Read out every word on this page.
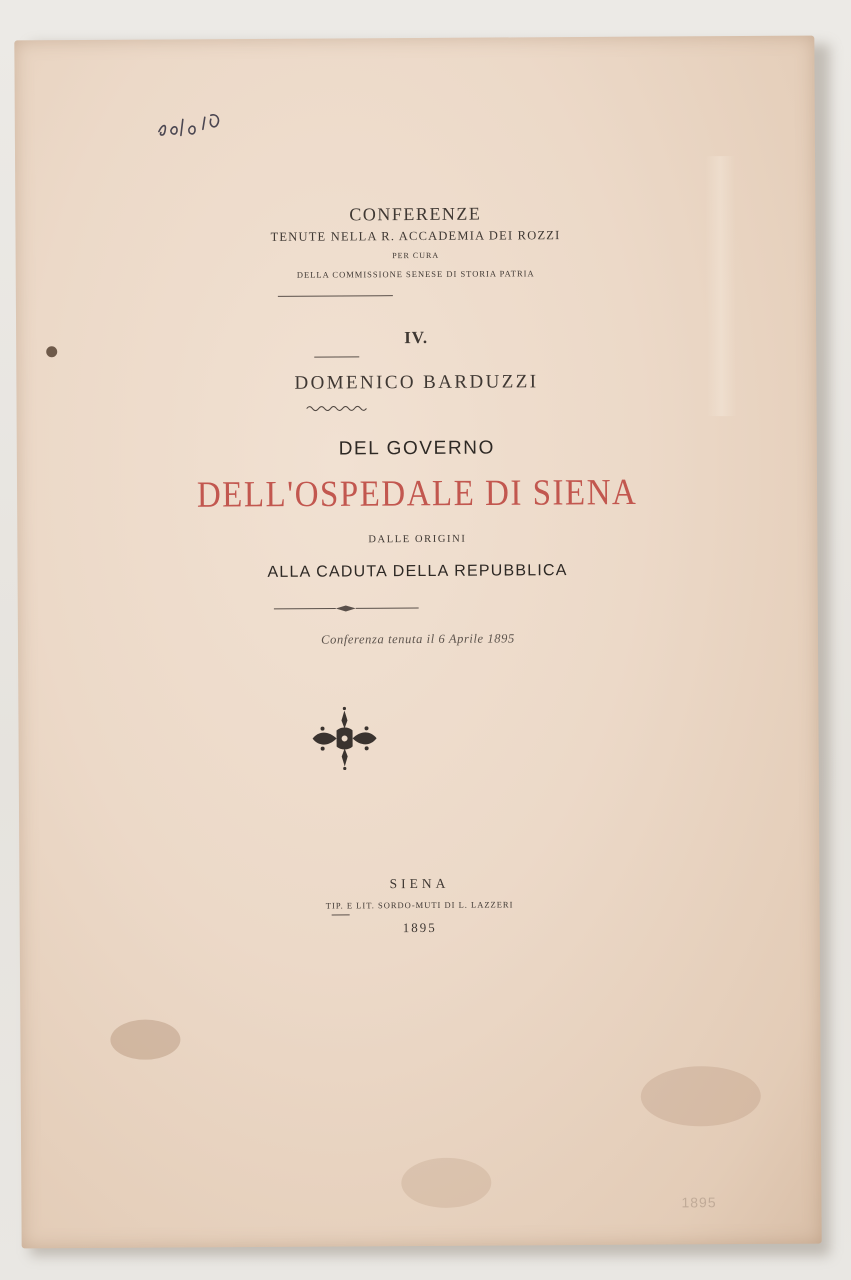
solo 10
CONFERENZE
TENUTE NELLA R. ACCADEMIA DEI ROZZI
PER CURA
DELLA COMMISSIONE SENESE DI STORIA PATRIA
IV.
DOMENICO BARDUZZI
DEL GOVERNO
DELL'OSPEDALE DI SIENA
DALLE ORIGINI
ALLA CADUTA DELLA REPUBBLICA
Conferenza tenuta il 6 Aprile 1895
SIENA
TIP. E LIT. SORDO-MUTI DI L. LAZZERI
1895
1895
